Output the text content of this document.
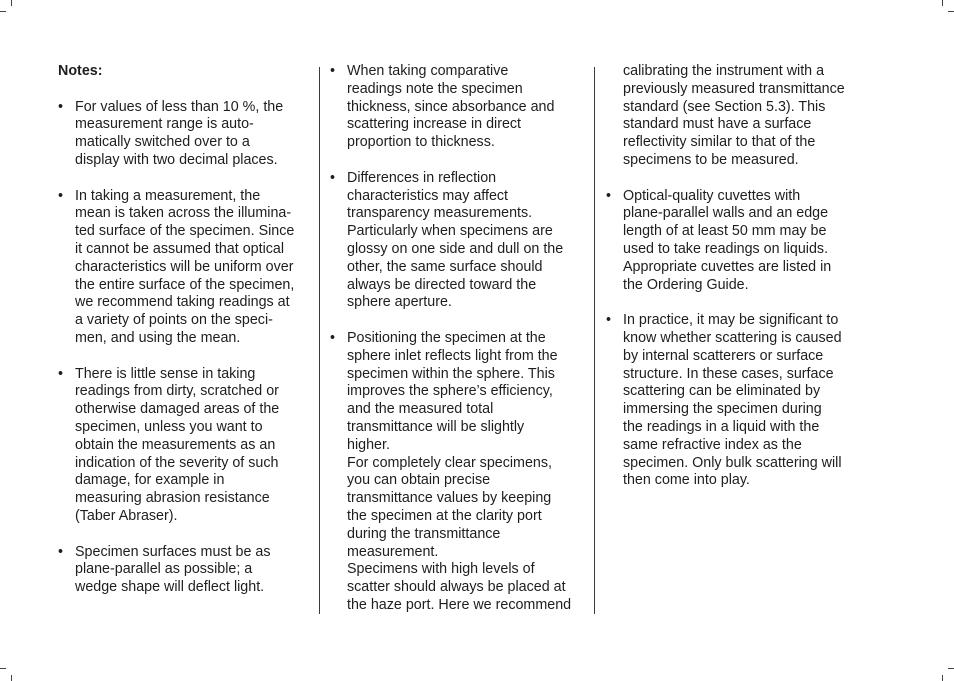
Notes:
• For values of less than 10 %, the
measurement range is auto-
matically switched over to a
display with two decimal places.
• In taking a measurement, the
mean is taken across the illumina-
ted surface of the specimen. Since
it cannot be assumed that optical
characteristics will be uniform over
the entire surface of the specimen,
we recommend taking readings at
a variety of points on the speci-
men, and using the mean.
• There is little sense in taking
readings from dirty, scratched or
otherwise damaged areas of the
specimen, unless you want to
obtain the measurements as an
indication of the severity of such
damage, for example in
measuring abrasion resistance
(Taber Abraser).
• Specimen surfaces must be as
plane-parallel as possible; a
wedge shape will deflect light.
• When taking comparative
readings note the specimen
thickness, since absorbance and
scattering increase in direct
proportion to thickness.
• Differences in reflection
characteristics may affect
transparency measurements.
Particularly when specimens are
glossy on one side and dull on the
other, the same surface should
always be directed toward the
sphere aperture.
• Positioning the specimen at the
sphere inlet reflects light from the
specimen within the sphere. This
improves the sphere’s efficiency,
and the measured total
transmittance will be slightly
higher.
For completely clear specimens,
you can obtain precise
transmittance values by keeping
the specimen at the clarity port
during the transmittance
measurement.
Specimens with high levels of
scatter should always be placed at
the haze port. Here we recommend
calibrating the instrument with a
previously measured transmittance
standard (see Section 5.3). This
standard must have a surface
reflectivity similar to that of the
specimens to be measured.
• Optical-quality cuvettes with
plane-parallel walls and an edge
length of at least 50 mm may be
used to take readings on liquids.
Appropriate cuvettes are listed in
the Ordering Guide.
• In practice, it may be significant to
know whether scattering is caused
by internal scatterers or surface
structure. In these cases, surface
scattering can be eliminated by
immersing the specimen during
the readings in a liquid with the
same refractive index as the
specimen. Only bulk scattering will
then come into play.
